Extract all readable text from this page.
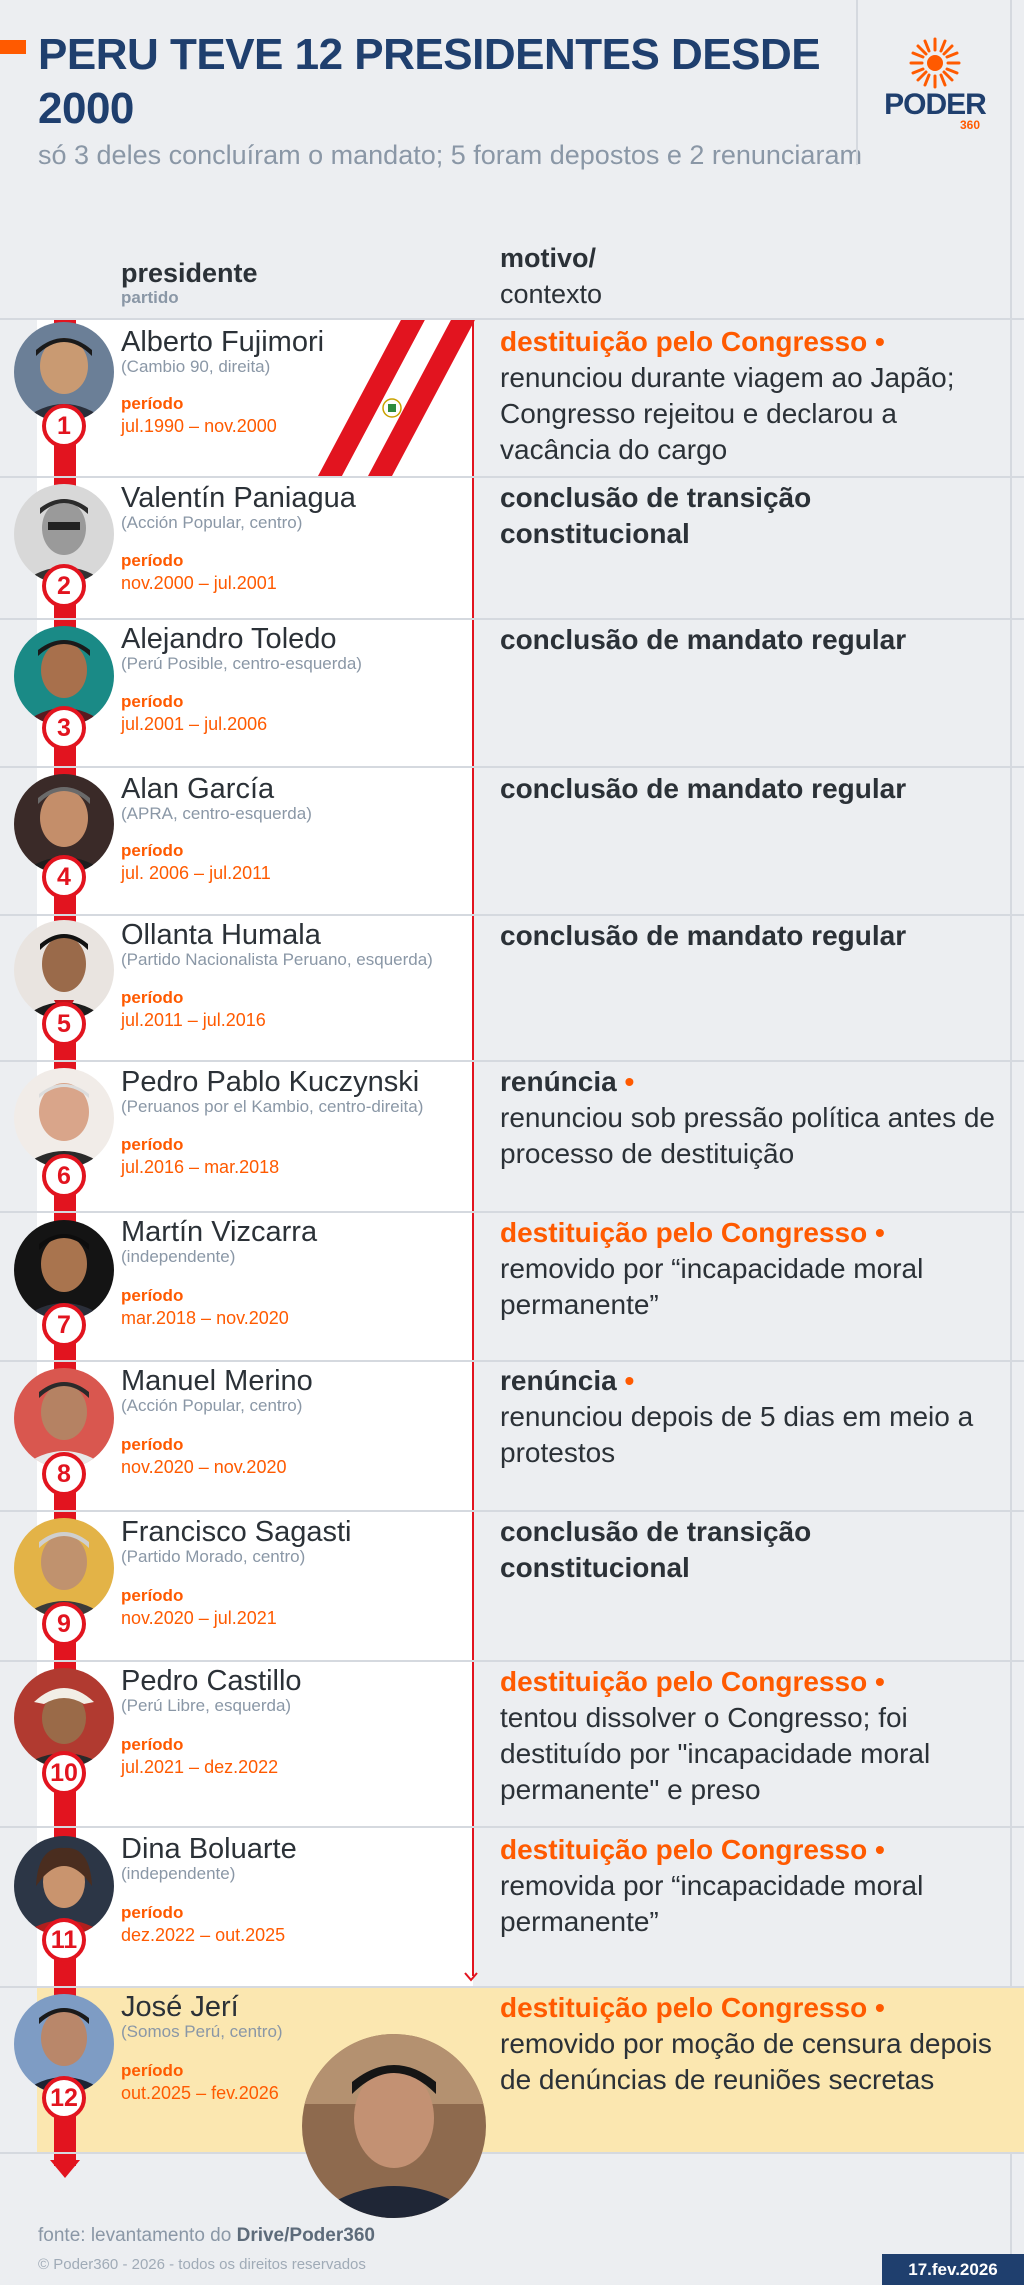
PERU TEVE 12 PRESIDENTES DESDE 2000

só 3 deles concluíram o mandato; 5 foram depostos e 2 renunciaram

PODER
360
presidente
partido
motivo/
contexto
1
Alberto Fujimori
(Cambio 90, direita)
período
jul.1990 – nov.2000
destituição pelo Congresso •
renunciou durante viagem ao Japão; Congresso rejeitou e declarou a vacância do cargo
2
Valentín Paniagua
(Acción Popular, centro)
período
nov.2000 – jul.2001
conclusão de transição constitucional
3
Alejandro Toledo
(Perú Posible, centro-esquerda)
período
jul.2001 – jul.2006
conclusão de mandato regular
4
Alan García
(APRA, centro-esquerda)
período
jul. 2006 – jul.2011
conclusão de mandato regular
5
Ollanta Humala
(Partido Nacionalista Peruano, esquerda)
período
jul.2011 – jul.2016
conclusão de mandato regular
6
Pedro Pablo Kuczynski
(Peruanos por el Kambio, centro-direita)
período
jul.2016 – mar.2018
renúncia •
renunciou sob pressão política antes de processo de destituição
7
Martín Vizcarra
(independente)
período
mar.2018 – nov.2020
destituição pelo Congresso •
removido por “incapacidade moral permanente”
8
Manuel Merino
(Acción Popular, centro)
período
nov.2020 – nov.2020
renúncia •
renunciou depois de 5 dias em meio a protestos
9
Francisco Sagasti
(Partido Morado, centro)
período
nov.2020 – jul.2021
conclusão de transição constitucional
10
Pedro Castillo
(Perú Libre, esquerda)
período
jul.2021 – dez.2022
destituição pelo Congresso •
tentou dissolver o Congresso; foi destituído por "incapacidade moral permanente" e preso
11
Dina Boluarte
(independente)
período
dez.2022 – out.2025
destituição pelo Congresso •
removida por “incapacidade moral permanente”
12
José Jerí
(Somos Perú, centro)
período
out.2025 – fev.2026
destituição pelo Congresso •
removido por moção de censura depois de denúncias de reuniões secretas
fonte: levantamento do Drive/Poder360
© Poder360 - 2026 - todos os direitos reservados	17.fev.2026
